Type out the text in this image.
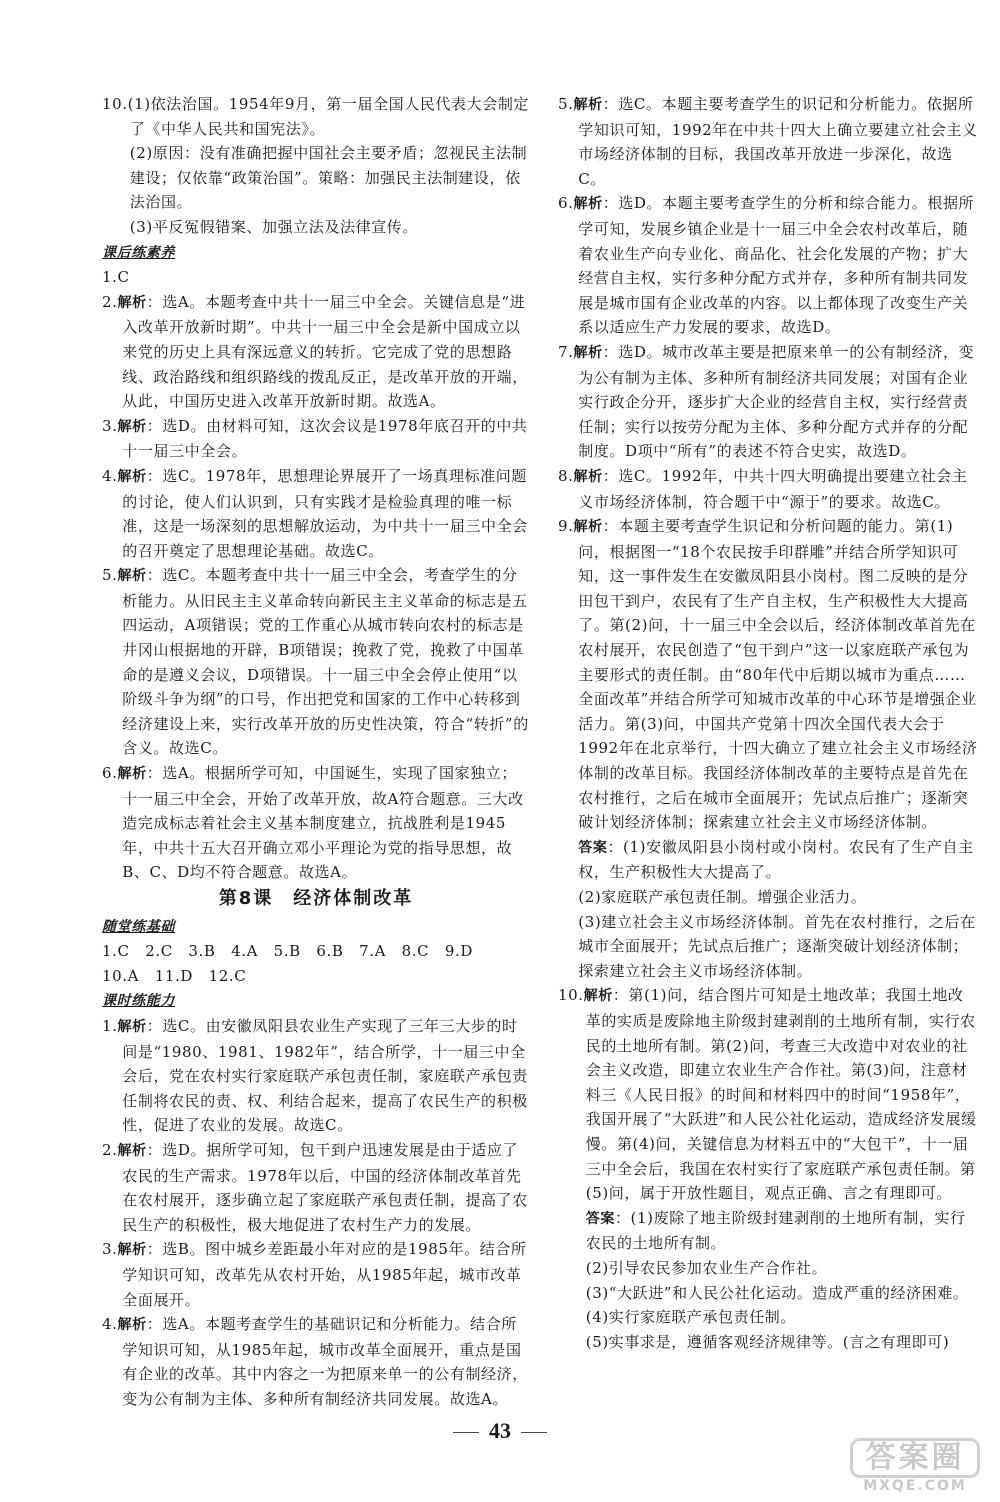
10.(1)依法治国。1954年9月，第一届全国人民代表大会制定了《中华人民共和国宪法》。

(2)原因：没有准确把握中国社会主要矛盾；忽视民主法制建设；仅依靠“政策治国”。策略：加强民主法制建设，依法治国。

(3)平反冤假错案、加强立法及法律宣传。

课后练素养

1.C

2.解析：选A。本题考查中共十一届三中全会。关键信息是“进入改革开放新时期”。中共十一届三中全会是新中国成立以来党的历史上具有深远意义的转折。它完成了党的思想路线、政治路线和组织路线的拨乱反正，是改革开放的开端，从此，中国历史进入改革开放新时期。故选A。

3.解析：选D。由材料可知，这次会议是1978年底召开的中共十一届三中全会。

4.解析：选C。1978年，思想理论界展开了一场真理标准问题的讨论，使人们认识到，只有实践才是检验真理的唯一标准，这是一场深刻的思想解放运动，为中共十一届三中全会的召开奠定了思想理论基础。故选C。

5.解析：选C。本题考查中共十一届三中全会，考查学生的分析能力。从旧民主主义革命转向新民主主义革命的标志是五四运动，A项错误；党的工作重心从城市转向农村的标志是井冈山根据地的开辟，B项错误；挽救了党，挽救了中国革命的是遵义会议，D项错误。十一届三中全会停止使用“以阶级斗争为纲”的口号，作出把党和国家的工作中心转移到经济建设上来，实行改革开放的历史性决策，符合“转折”的含义。故选C。

6.解析：选A。根据所学可知，中国诞生，实现了国家独立；十一届三中全会，开始了改革开放，故A符合题意。三大改造完成标志着社会主义基本制度建立，抗战胜利是1945年，中共十五大召开确立邓小平理论为党的指导思想，故B、C、D均不符合题意。故选A。

第8课　经济体制改革

随堂练基础

1.C　2.C　3.B　4.A　5.B　6.B　7.A　8.C　9.D

10.A　11.D　12.C

课时练能力

1.解析：选C。由安徽凤阳县农业生产实现了三年三大步的时间是“1980、1981、1982年”，结合所学，十一届三中全会后，党在农村实行家庭联产承包责任制，家庭联产承包责任制将农民的责、权、利结合起来，提高了农民生产的积极性，促进了农业的发展。故选C。

2.解析：选D。据所学可知，包干到户迅速发展是由于适应了农民的生产需求。1978年以后，中国的经济体制改革首先在农村展开，逐步确立起了家庭联产承包责任制，提高了农民生产的积极性，极大地促进了农村生产力的发展。

3.解析：选B。图中城乡差距最小年对应的是1985年。结合所学知识可知，改革先从农村开始，从1985年起，城市改革全面展开。

4.解析：选A。本题考查学生的基础识记和分析能力。结合所学知识可知，从1985年起，城市改革全面展开，重点是国有企业的改革。其中内容之一为把原来单一的公有制经济，变为公有制为主体、多种所有制经济共同发展。故选A。

5.解析：选C。本题主要考查学生的识记和分析能力。依据所学知识可知，1992年在中共十四大上确立要建立社会主义市场经济体制的目标，我国改革开放进一步深化，故选C。

6.解析：选D。本题主要考查学生的分析和综合能力。根据所学可知，发展乡镇企业是十一届三中全会农村改革后，随着农业生产向专业化、商品化、社会化发展的产物；扩大经营自主权，实行多种分配方式并存，多种所有制共同发展是城市国有企业改革的内容。以上都体现了改变生产关系以适应生产力发展的要求，故选D。

7.解析：选D。城市改革主要是把原来单一的公有制经济，变为公有制为主体、多种所有制经济共同发展；对国有企业实行政企分开，逐步扩大企业的经营自主权，实行经营责任制；实行以按劳分配为主体、多种分配方式并存的分配制度。D项中“所有”的表述不符合史实，故选D。

8.解析：选C。1992年，中共十四大明确提出要建立社会主义市场经济体制，符合题干中“源于”的要求。故选C。

9.解析：本题主要考查学生识记和分析问题的能力。第(1)问，根据图一“18个农民按手印群雕”并结合所学知识可知，这一事件发生在安徽凤阳县小岗村。图二反映的是分田包干到户，农民有了生产自主权，生产积极性大大提高了。第(2)问，十一届三中全会以后，经济体制改革首先在农村展开，农民创造了“包干到户”这一以家庭联产承包为主要形式的责任制。由“80年代中后期以城市为重点……全面改革”并结合所学可知城市改革的中心环节是增强企业活力。第(3)问，中国共产党第十四次全国代表大会于1992年在北京举行，十四大确立了建立社会主义市场经济体制的改革目标。我国经济体制改革的主要特点是首先在农村推行，之后在城市全面展开；先试点后推广；逐渐突破计划经济体制；探索建立社会主义市场经济体制。

答案：(1)安徽凤阳县小岗村或小岗村。农民有了生产自主权，生产积极性大大提高了。

(2)家庭联产承包责任制。增强企业活力。

(3)建立社会主义市场经济体制。首先在农村推行，之后在城市全面展开；先试点后推广；逐渐突破计划经济体制；探索建立社会主义市场经济体制。

10.解析：第(1)问，结合图片可知是土地改革；我国土地改革的实质是废除地主阶级封建剥削的土地所有制，实行农民的土地所有制。第(2)问，考查三大改造中对农业的社会主义改造，即建立农业生产合作社。第(3)问，注意材料三《人民日报》的时间和材料四中的时间“1958年”，我国开展了“大跃进”和人民公社化运动，造成经济发展缓慢。第(4)问，关键信息为材料五中的“大包干”，十一届三中全会后，我国在农村实行了家庭联产承包责任制。第(5)问，属于开放性题目，观点正确、言之有理即可。

答案：(1)废除了地主阶级封建剥削的土地所有制，实行农民的土地所有制。

(2)引导农民参加农业生产合作社。

(3)“大跃进”和人民公社化运动。造成严重的经济困难。

(4)实行家庭联产承包责任制。

(5)实事求是，遵循客观经济规律等。(言之有理即可)

43
答案圈
MXQE.COM
